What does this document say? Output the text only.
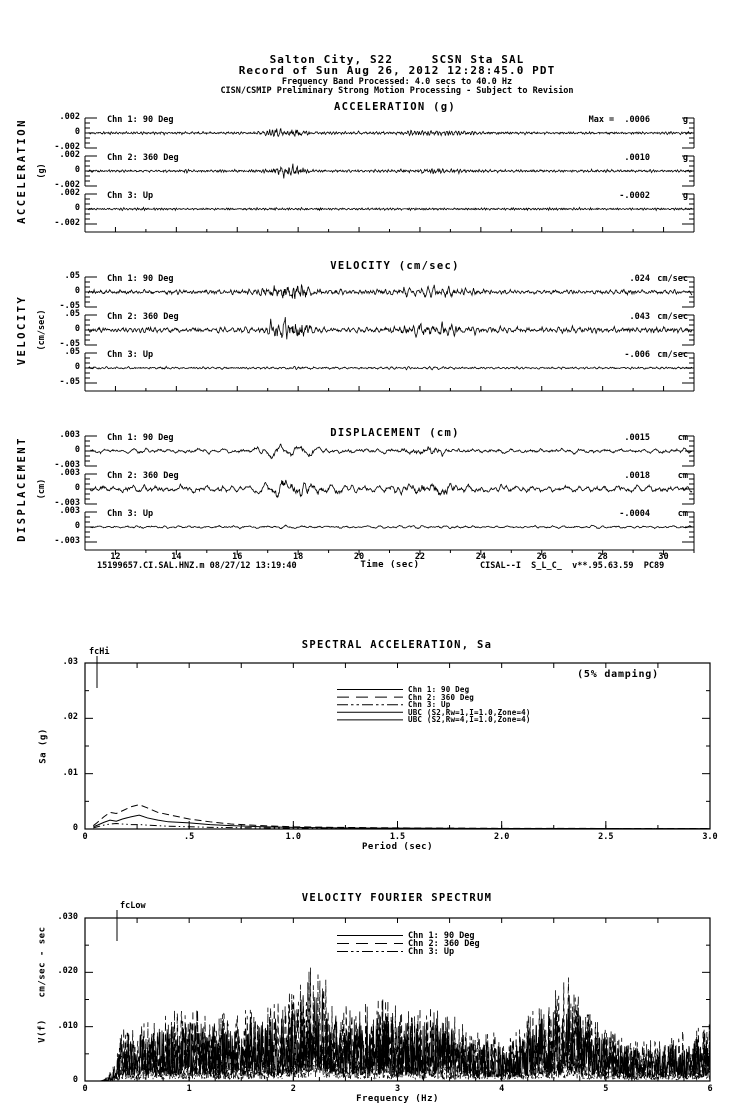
Salton City, S22     SCSN Sta SAL
Record of Sun Aug 26, 2012 12:28:45.0 PDT
Frequency Band Processed: 4.0 secs to 40.0 Hz
CISN/CSMIP Preliminary Strong Motion Processing - Subject to Revision
ACCELERATION (g)
VELOCITY (cm/sec)
DISPLACEMENT (cm)
ACCELERATION (g)
VELOCITY (cm/sec)
DISPLACEMENT (cm)
Time (sec)
15199657.CI.SAL.HNZ.m 08/27/12 13:19:40	CISAL--I  S_L_C_  v**.95.63.59  PC89
SPECTRAL ACCELERATION, Sa
(5% damping)
fcHi
Sa (g)
Period (sec)
VELOCITY FOURIER SPECTRUM
fcLow
cm/sec - sec
V(f)
Frequency (Hz)
.002
0
-.002
Chn 1: 90 Deg	Max =  .0006	g
.002
0
-.002
Chn 2: 360 Deg	.0010	g
.002
0
-.002
Chn 3: Up	-.0002	g
.05
0
-.05
Chn 1: 90 Deg	.024 cm/sec
.05
0
-.05
Chn 2: 360 Deg	.043 cm/sec
.05
0
-.05
Chn 3: Up	-.006 cm/sec
.003
0
-.003
Chn 1: 90 Deg	.0015	cm
.003
0
-.003
Chn 2: 360 Deg	.0018	cm
.003
0
-.003
Chn 3: Up	-.0004	cm
12	14	16	18	20	22	24	26	28	30
.03
.02
.01
0
0	.5	1.0	1.5	2.0	2.5	3.0
Chn 1: 90 Deg
Chn 2: 360 Deg
Chn 3: Up
UBC (S2,Rw=1,I=1.0,Zone=4)
UBC (S2,Rw=4,I=1.0,Zone=4)
.030
.020
.010
0
0	1	2	3	4	5	6
Chn 1: 90 Deg
Chn 2: 360 Deg
Chn 3: Up
